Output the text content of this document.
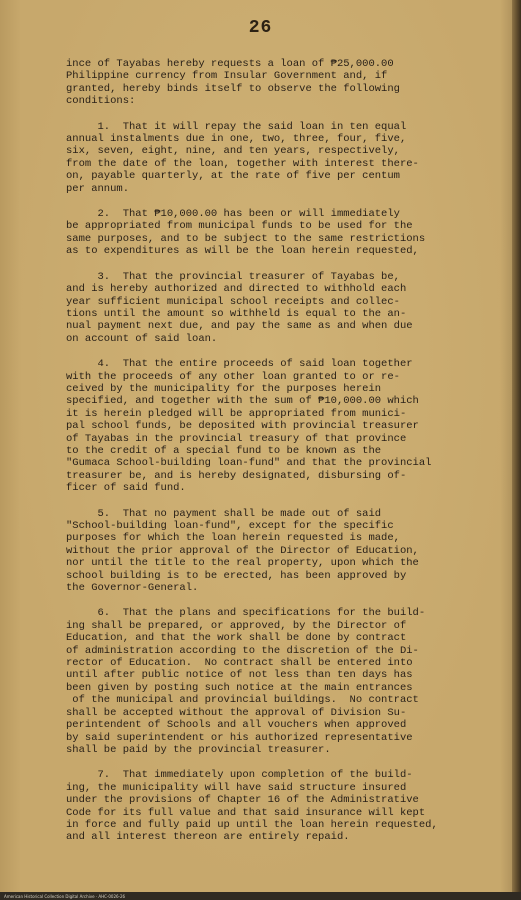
26

ince of Tayabas hereby requests a loan of ₱25,000.00
Philippine currency from Insular Government and, if
granted, hereby binds itself to observe the following
conditions:

1.  That it will repay the said loan in ten equal
annual instalments due in one, two, three, four, five,
six, seven, eight, nine, and ten years, respectively,
from the date of the loan, together with interest there-
on, payable quarterly, at the rate of five per centum
per annum.

2.  That ₱10,000.00 has been or will immediately
be appropriated from municipal funds to be used for the
same purposes, and to be subject to the same restrictions
as to expenditures as will be the loan herein requested,

3.  That the provincial treasurer of Tayabas be,
and is hereby authorized and directed to withhold each
year sufficient municipal school receipts and collec-
tions until the amount so withheld is equal to the an-
nual payment next due, and pay the same as and when due
on account of said loan.

4.  That the entire proceeds of said loan together
with the proceeds of any other loan granted to or re-
ceived by the municipality for the purposes herein
specified, and together with the sum of ₱10,000.00 which
it is herein pledged will be appropriated from munici-
pal school funds, be deposited with provincial treasurer
of Tayabas in the provincial treasury of that province
to the credit of a special fund to be known as the
"Gumaca School-building loan-fund" and that the provincial
treasurer be, and is hereby designated, disbursing of-
ficer of said fund.

5.  That no payment shall be made out of said
"School-building loan-fund", except for the specific
purposes for which the loan herein requested is made,
without the prior approval of the Director of Education,
nor until the title to the real property, upon which the
school building is to be erected, has been approved by
the Governor-General.

6.  That the plans and specifications for the build-
ing shall be prepared, or approved, by the Director of
Education, and that the work shall be done by contract
of administration according to the discretion of the Di-
rector of Education.  No contract shall be entered into
until after public notice of not less than ten days has
been given by posting such notice at the main entrances
of the municipal and provincial buildings.  No contract
shall be accepted without the approval of Division Su-
perintendent of Schools and all vouchers when approved
by said superintendent or his authorized representative
shall be paid by the provincial treasurer.

7.  That immediately upon completion of the build-
ing, the municipality will have said structure insured
under the provisions of Chapter 16 of the Administrative
Code for its full value and that said insurance will kept
in force and fully paid up until the loan herein requested,
and all interest thereon are entirely repaid.

American Historical Collection Digital Archive · AHC-0026-26
